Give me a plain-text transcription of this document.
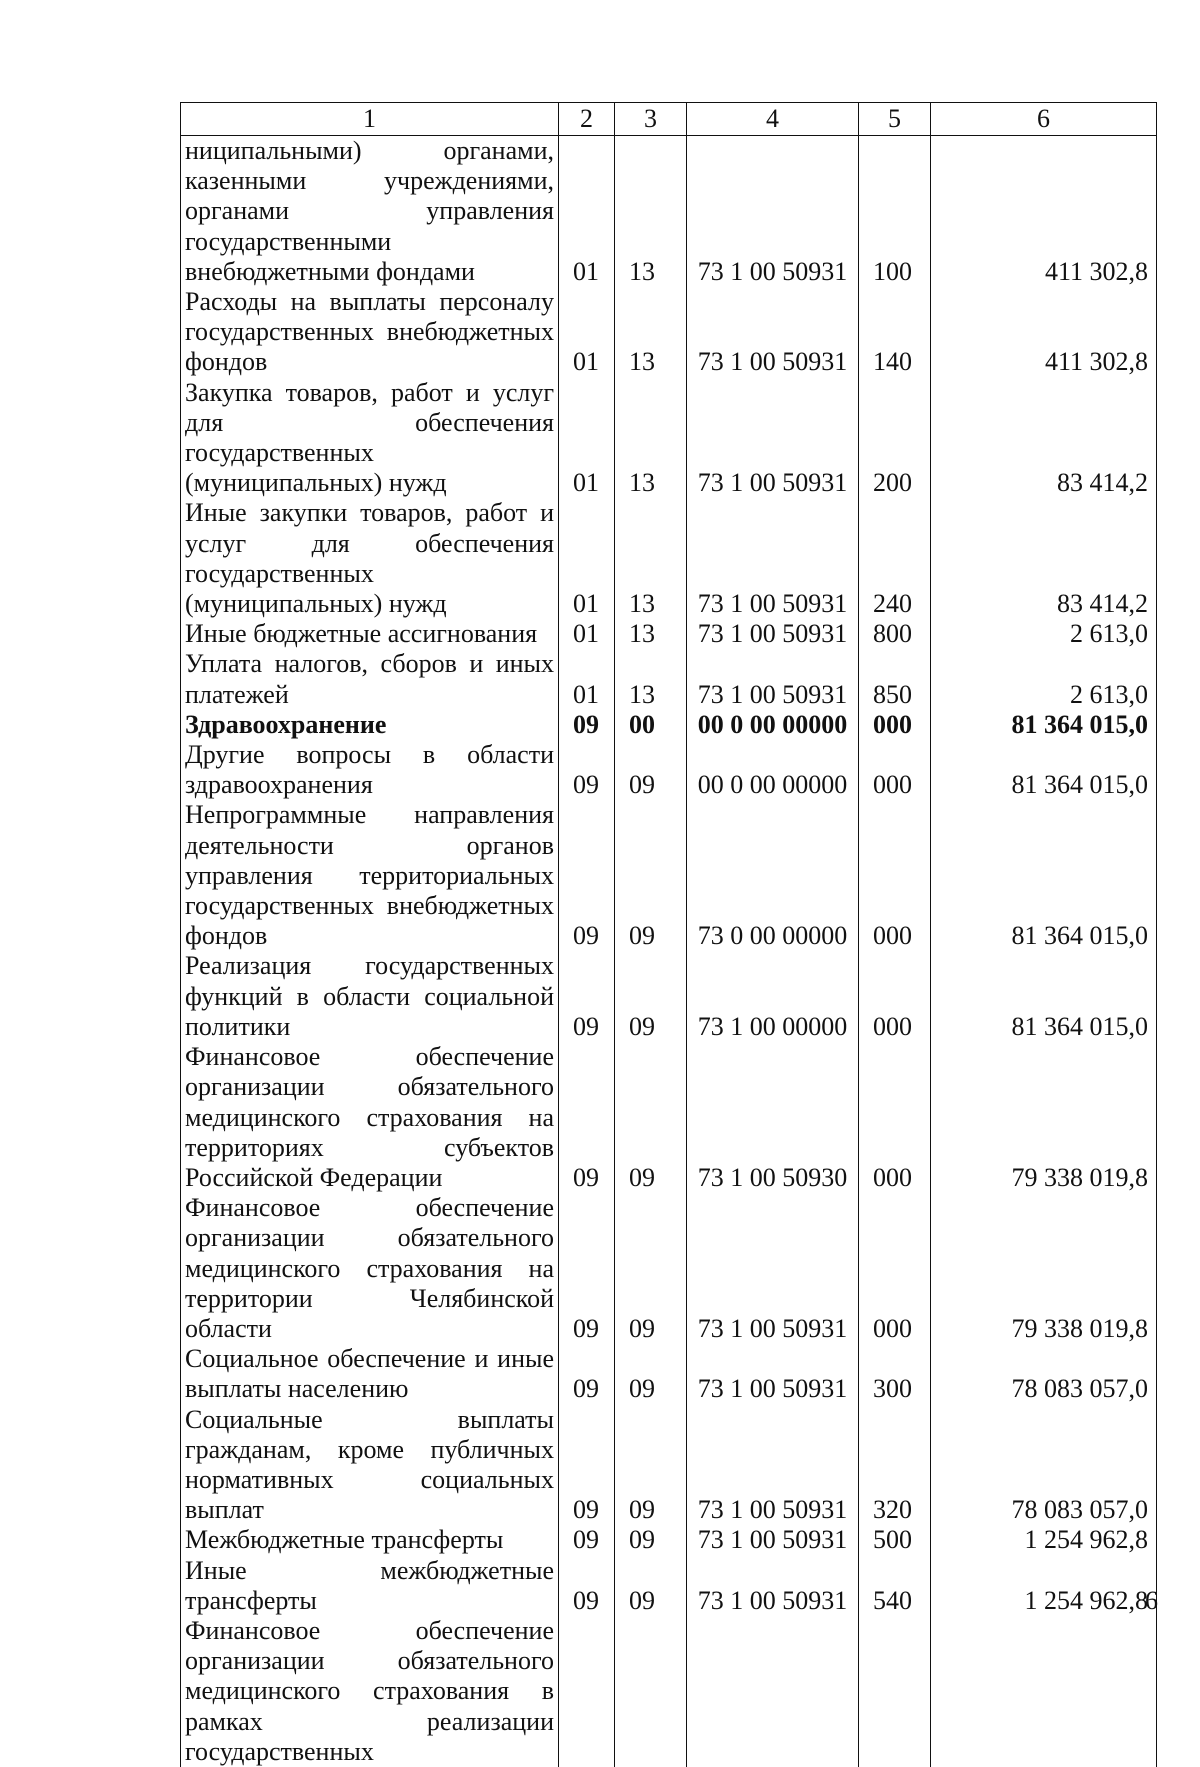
1	2	3	4	5	6
ниципальными) органами, казенными учреждениями, органами управления государственными внебюджетными фондами	01	13	73 1 00 50931	100	411 302,8
Расходы на выплаты персоналу государственных внебюджетных фондов	01	13	73 1 00 50931	140	411 302,8
Закупка товаров, работ и услуг для обеспечения государственных (муниципальных) нужд	01	13	73 1 00 50931	200	83 414,2
Иные закупки товаров, работ и услуг для обеспечения государственных (муниципальных) нужд	01	13	73 1 00 50931	240	83 414,2
Иные бюджетные ассигнования	01	13	73 1 00 50931	800	2 613,0
Уплата налогов, сборов и иных платежей	01	13	73 1 00 50931	850	2 613,0
Здравоохранение	09	00	00 0 00 00000	000	81 364 015,0
Другие вопросы в области здравоохранения	09	09	00 0 00 00000	000	81 364 015,0
Непрограммные направления деятельности органов управления территориальных государственных внебюджетных фондов	09	09	73 0 00 00000	000	81 364 015,0
Реализация государственных функций в области социальной политики	09	09	73 1 00 00000	000	81 364 015,0
Финансовое обеспечение организации обязательного медицинского страхования на территориях субъектов Российской Федерации	09	09	73 1 00 50930	000	79 338 019,8
Финансовое обеспечение организации обязательного медицинского страхования на территории Челябинской области	09	09	73 1 00 50931	000	79 338 019,8
Социальное обеспечение и иные выплаты населению	09	09	73 1 00 50931	300	78 083 057,0
Социальные выплаты гражданам, кроме публичных нормативных социальных выплат	09	09	73 1 00 50931	320	78 083 057,0
Межбюджетные трансферты	09	09	73 1 00 50931	500	1 254 962,8
Иные межбюджетные трансферты	09	09	73 1 00 50931	540	1 254 962,8
Финансовое обеспечение организации обязательного медицинского страхования в рамках реализации государственных					
6
